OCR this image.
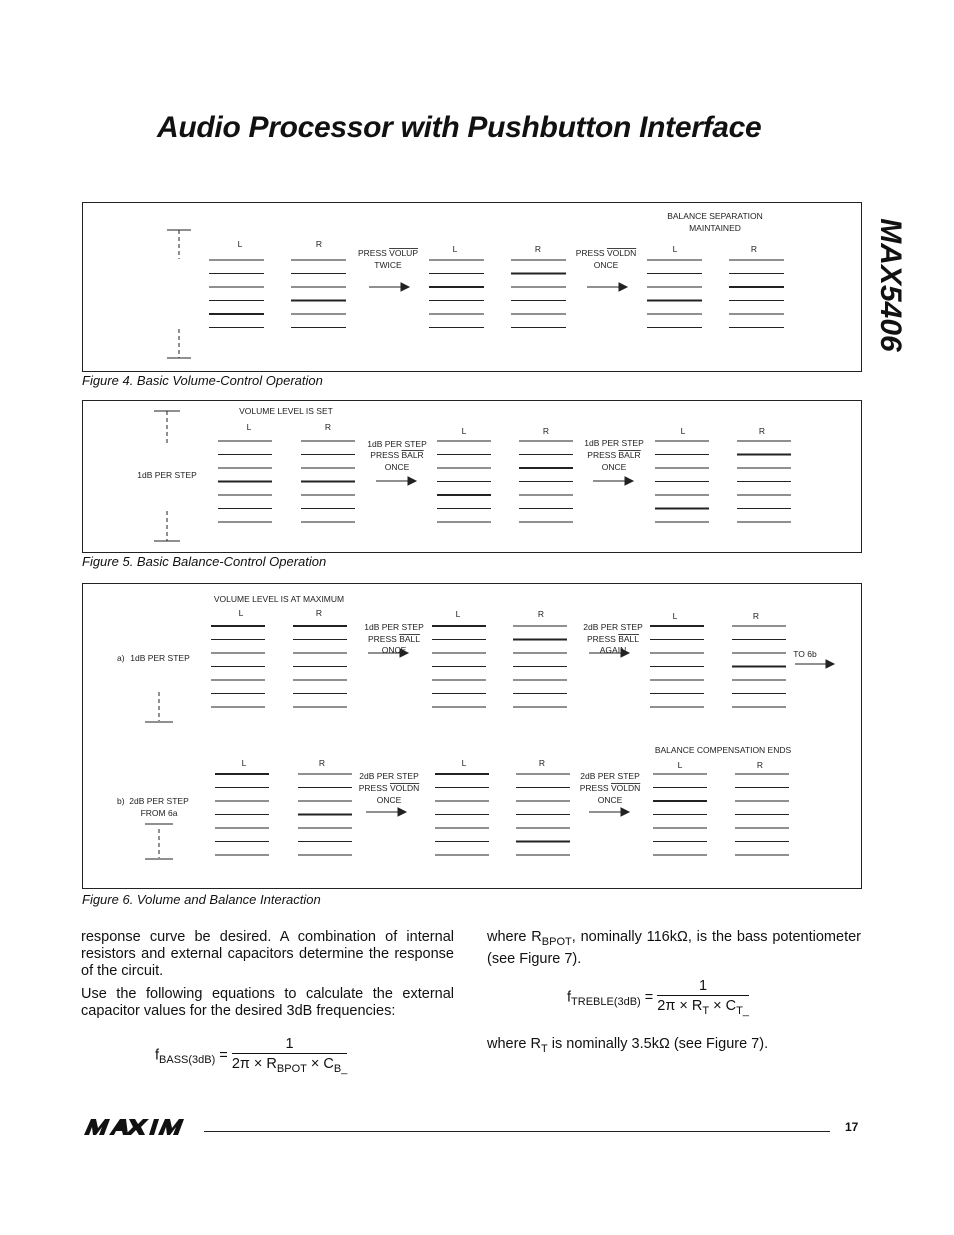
Audio Processor with Pushbutton Interface
MAX5406
L	R	L	R	L	R
PRESS VOLUP
TWICE
PRESS VOLDN
ONCE
BALANCE SEPARATION
MAINTAINED
Figure 4. Basic Volume-Control Operation
1dB PER STEP
VOLUME LEVEL IS SET
L	R	L	R	L	R
1dB PER STEP
PRESS BALR
ONCE
1dB PER STEP
PRESS BALR
ONCE
Figure 5. Basic Balance-Control Operation
a) 1dB PER STEP
VOLUME LEVEL IS AT MAXIMUM
L	R	L	R	L	R
1dB PER STEP
PRESS BALL
ONCE
2dB PER STEP
PRESS BALL
AGAIN	TO 6b
b) 2dB PER STEP
FROM 6a
BALANCE COMPENSATION ENDS
L	R	L	R	L	R
2dB PER STEP
PRESS VOLDN
ONCE
2dB PER STEP
PRESS VOLDN
ONCE
Figure 6. Volume and Balance Interaction

response curve be desired. A combination of internal resistors and external capacitors determine the response of the circuit.

Use the following equations to calculate the external capacitor values for the desired 3dB frequencies:

$f_{BASS(3dB)} = \frac{1}{2\pi \times R_{BPOT} \times C_{B\_}}$

where $R_{BPOT}$, nominally 116kΩ, is the bass potentiometer (see Figure 7).

$f_{TREBLE(3dB)} = \frac{1}{2\pi \times R_T \times C_{T\_}}$
where $R_T$ is nominally 3.5kΩ (see Figure 7).
17
